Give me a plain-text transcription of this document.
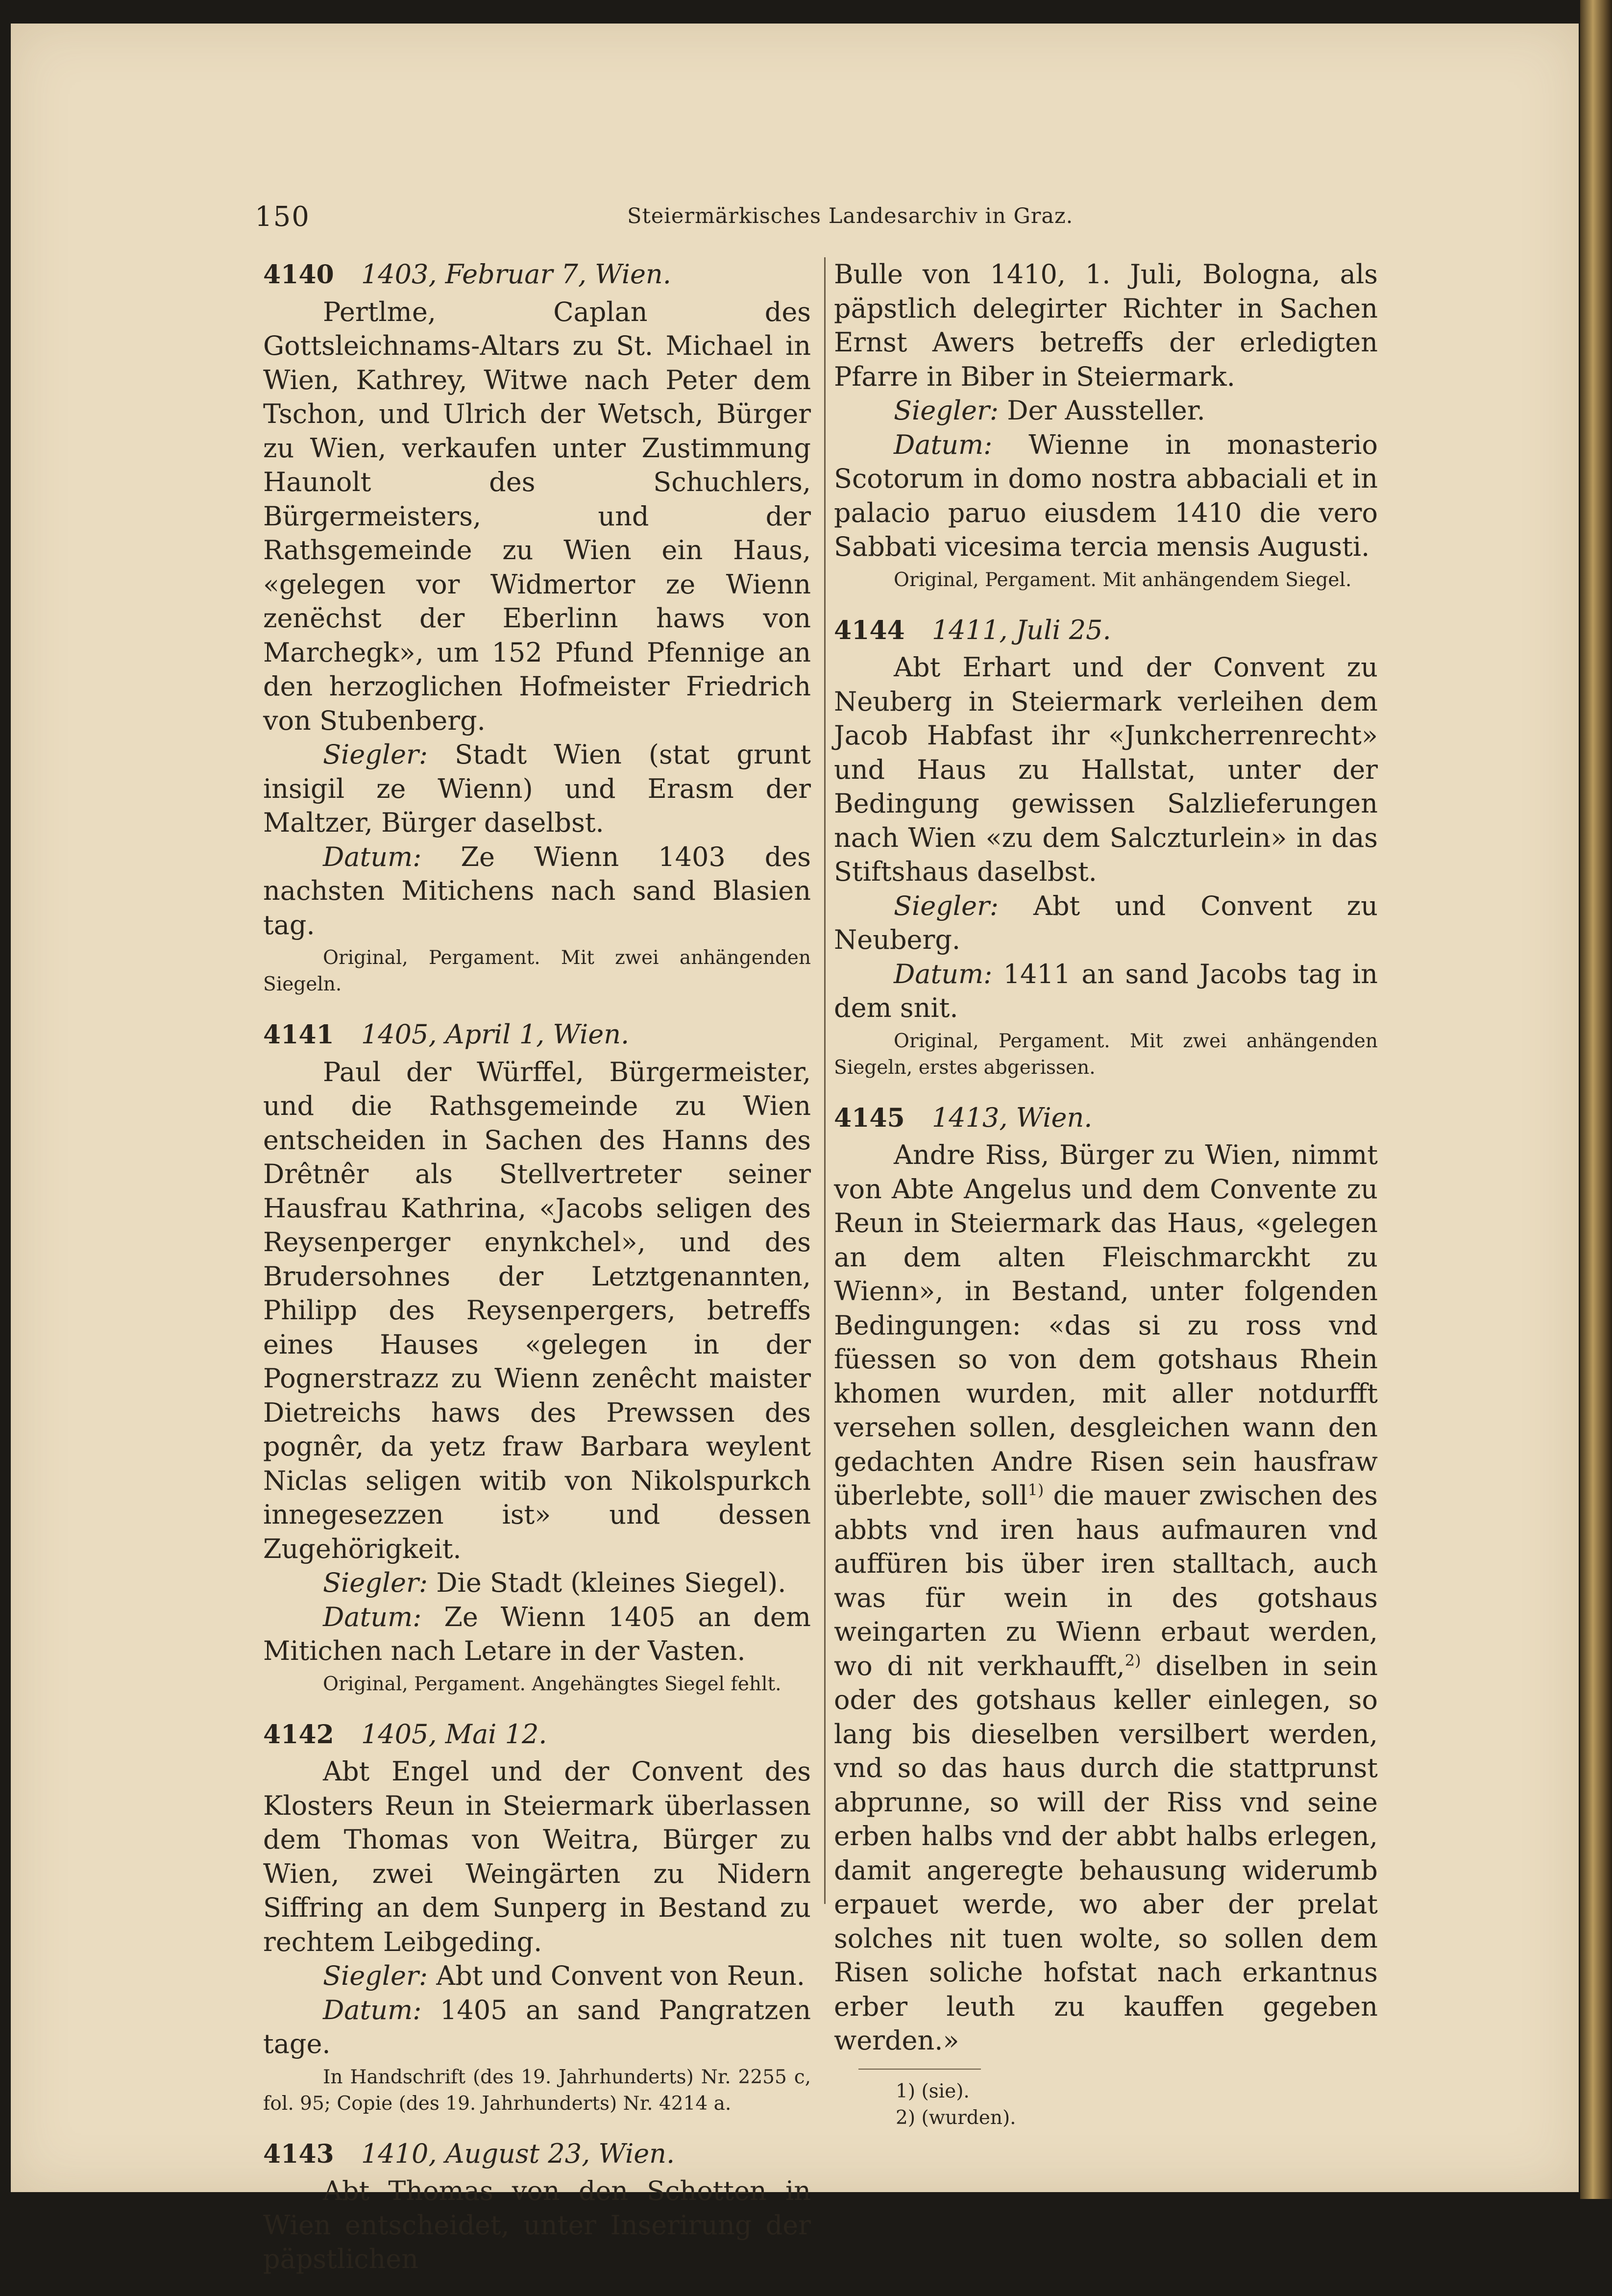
150	Steiermärkisches Landesarchiv in Graz.
4140 1403, Februar 7, Wien.

Pertlme, Caplan des Gottsleichnams-Altars zu St. Michael in Wien, Kathrey, Witwe nach Peter dem Tschon, und Ulrich der Wetsch, Bürger zu Wien, verkaufen unter Zustimmung Haunolt des Schuchlers, Bürgermeisters, und der Rathsgemeinde zu Wien ein Haus, «gelegen vor Widmertor ze Wienn zenëchst der Eberlinn haws von Marchegk», um 152 Pfund Pfennige an den herzoglichen Hofmeister Friedrich von Stubenberg.

Siegler: Stadt Wien (stat grunt insigil ze Wienn) und Erasm der Maltzer, Bürger daselbst.

Datum: Ze Wienn 1403 des nachsten Mitichens nach sand Blasien tag.

Original, Pergament. Mit zwei anhängenden Siegeln.

4141 1405, April 1, Wien.

Paul der Würffel, Bürgermeister, und die Rathsgemeinde zu Wien entscheiden in Sachen des Hanns des Drêtnêr als Stellvertreter seiner Hausfrau Kathrina, «Jacobs seligen des Reysenperger enynkchel», und des Brudersohnes der Letztgenannten, Philipp des Reysenpergers, betreffs eines Hauses «gelegen in der Pognerstrazz zu Wienn zenêcht maister Dietreichs haws des Prewssen des pognêr, da yetz fraw Barbara weylent Niclas seligen witib von Nikolspurkch innegesezzen ist» und dessen Zugehörigkeit.

Siegler: Die Stadt (kleines Siegel).

Datum: Ze Wienn 1405 an dem Mitichen nach Letare in der Vasten.

Original, Pergament. Angehängtes Siegel fehlt.

4142 1405, Mai 12.

Abt Engel und der Convent des Klosters Reun in Steiermark überlassen dem Thomas von Weitra, Bürger zu Wien, zwei Weingärten zu Nidern Siffring an dem Sunperg in Bestand zu rechtem Leibgeding.

Siegler: Abt und Convent von Reun.

Datum: 1405 an sand Pangratzen tage.

In Handschrift (des 19. Jahrhunderts) Nr. 2255 c, fol. 95; Copie (des 19. Jahrhunderts) Nr. 4214 a.

4143 1410, August 23, Wien.

Abt Thomas von den Schotten in Wien entscheidet, unter Inserirung der päpstlichen

Bulle von 1410, 1. Juli, Bologna, als päpstlich delegirter Richter in Sachen Ernst Awers betreffs der erledigten Pfarre in Biber in Steiermark.

Siegler: Der Aussteller.

Datum: Wienne in monasterio Scotorum in domo nostra abbaciali et in palacio paruo eiusdem 1410 die vero Sabbati vicesima tercia mensis Augusti.

Original, Pergament. Mit anhängendem Siegel.

4144 1411, Juli 25.

Abt Erhart und der Convent zu Neuberg in Steiermark verleihen dem Jacob Habfast ihr «Junkcherrenrecht» und Haus zu Hallstat, unter der Bedingung gewissen Salzlieferungen nach Wien «zu dem Salczturlein» in das Stiftshaus daselbst.

Siegler: Abt und Convent zu Neuberg.

Datum: 1411 an sand Jacobs tag in dem snit.

Original, Pergament. Mit zwei anhängenden Siegeln, erstes abgerissen.

4145 1413, Wien.

Andre Riss, Bürger zu Wien, nimmt von Abte Angelus und dem Convente zu Reun in Steiermark das Haus, «gelegen an dem alten Fleischmarckht zu Wienn», in Bestand, unter folgenden Bedingungen: «das si zu ross vnd füessen so von dem gotshaus Rhein khomen wurden, mit aller notdurfft versehen sollen, desgleichen wann den gedachten Andre Risen sein hausfraw überlebte, soll$^{1)}$ die mauer zwischen des abbts vnd iren haus aufmauren vnd auffüren bis über iren stalltach, auch was für wein in des gotshaus weingarten zu Wienn erbaut werden, wo di nit verkhaufft,$^{2)}$ diselben in sein oder des gotshaus keller einlegen, so lang bis dieselben versilbert werden, vnd so das haus durch die stattprunst abprunne, so will der Riss vnd seine erben halbs vnd der abbt halbs erlegen, damit angeregte behausung widerumb erpauet werde, wo aber der prelat solches nit tuen wolte, so sollen dem Risen soliche hofstat nach erkantnus erber leuth zu kauffen gegeben werden.»

1) (sie).

2) (wurden).
